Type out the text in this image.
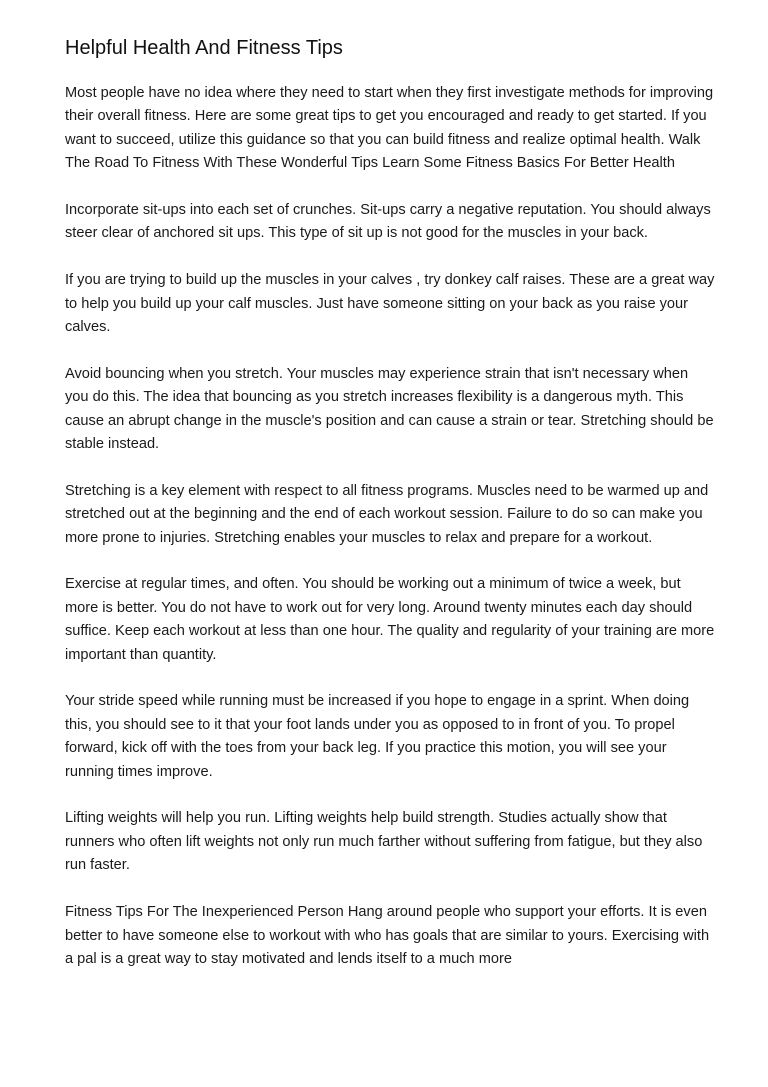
Helpful Health And Fitness Tips

Most people have no idea where they need to start when they first investigate methods for improving their overall fitness. Here are some great tips to get you encouraged and ready to get started. If you want to succeed, utilize this guidance so that you can build fitness and realize optimal health. Walk The Road To Fitness With These Wonderful Tips Learn Some Fitness Basics For Better Health

Incorporate sit-ups into each set of crunches. Sit-ups carry a negative reputation. You should always steer clear of anchored sit ups. This type of sit up is not good for the muscles in your back.

If you are trying to build up the muscles in your calves , try donkey calf raises. These are a great way to help you build up your calf muscles. Just have someone sitting on your back as you raise your calves.

Avoid bouncing when you stretch. Your muscles may experience strain that isn't necessary when you do this. The idea that bouncing as you stretch increases flexibility is a dangerous myth. This cause an abrupt change in the muscle's position and can cause a strain or tear. Stretching should be stable instead.

Stretching is a key element with respect to all fitness programs. Muscles need to be warmed up and stretched out at the beginning and the end of each workout session. Failure to do so can make you more prone to injuries. Stretching enables your muscles to relax and prepare for a workout.

Exercise at regular times, and often. You should be working out a minimum of twice a week, but more is better. You do not have to work out for very long. Around twenty minutes each day should suffice. Keep each workout at less than one hour. The quality and regularity of your training are more important than quantity.

Your stride speed while running must be increased if you hope to engage in a sprint. When doing this, you should see to it that your foot lands under you as opposed to in front of you. To propel forward, kick off with the toes from your back leg. If you practice this motion, you will see your running times improve.

Lifting weights will help you run. Lifting weights help build strength. Studies actually show that runners who often lift weights not only run much farther without suffering from fatigue, but they also run faster.

Fitness Tips For The Inexperienced Person Hang around people who support your efforts. It is even better to have someone else to workout with who has goals that are similar to yours. Exercising with a pal is a great way to stay motivated and lends itself to a much more
